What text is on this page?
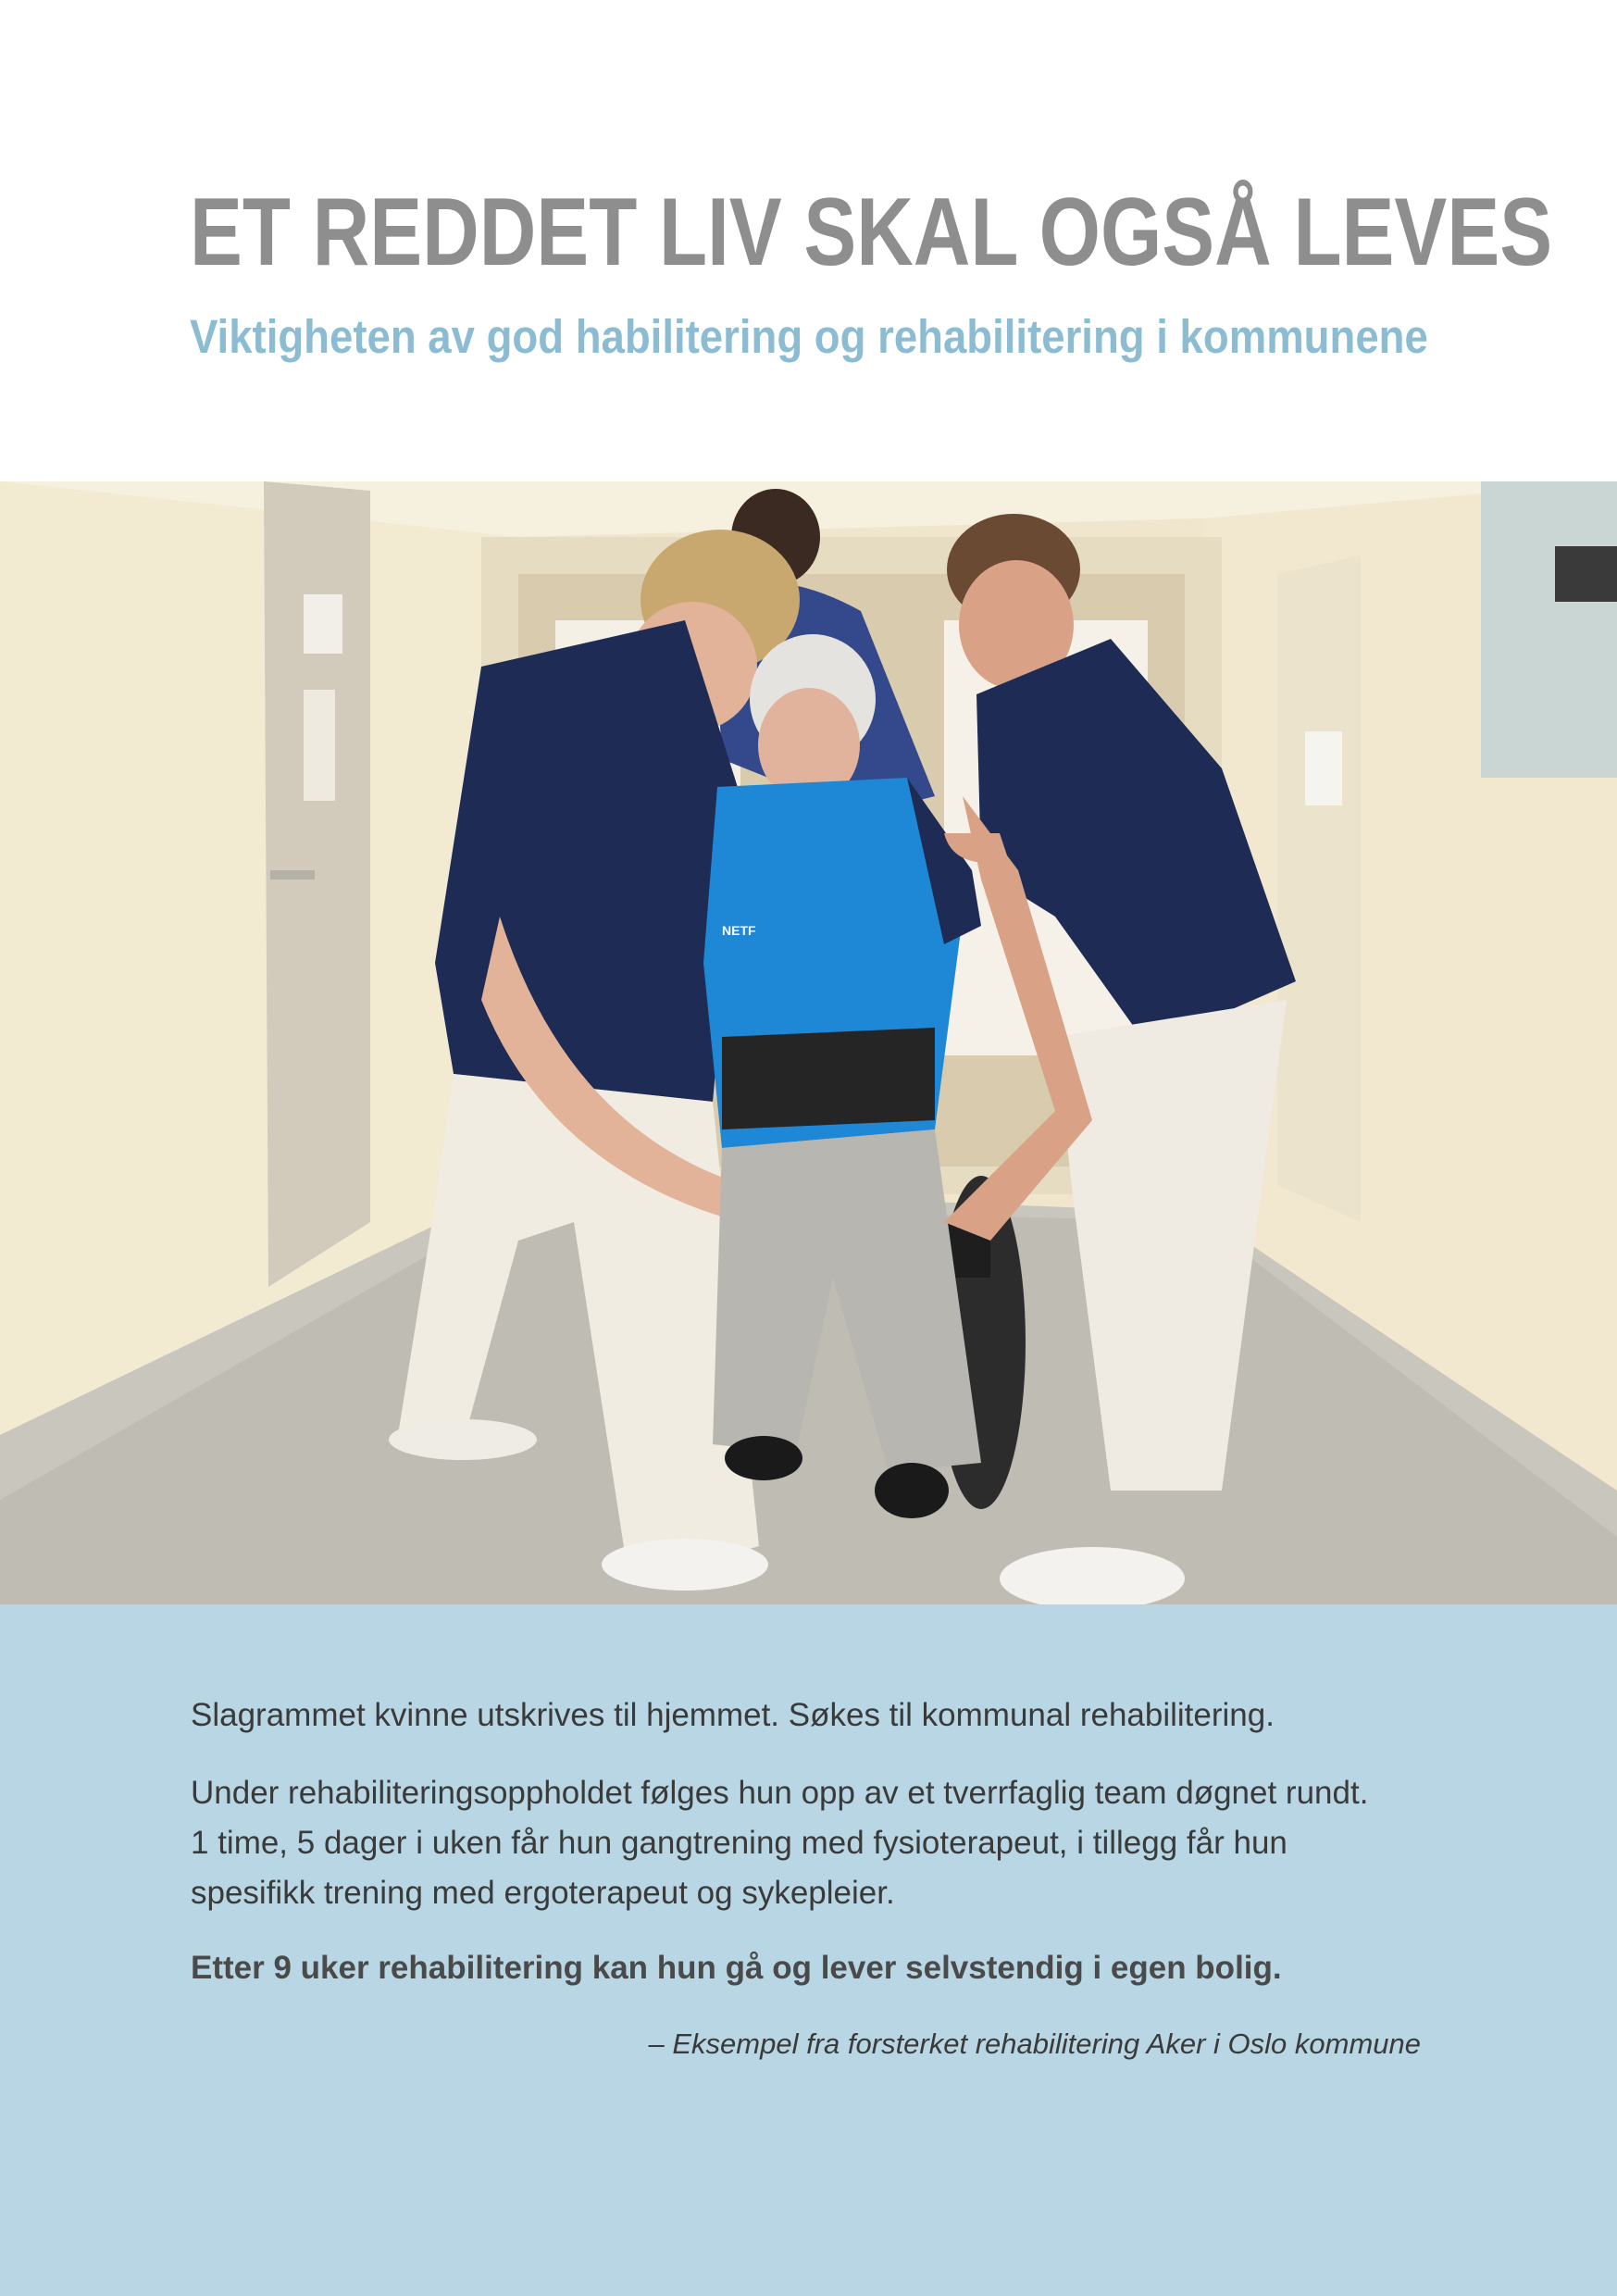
ET REDDET LIV SKAL OGSÅ LEVES
Viktigheten av god habilitering og rehabilitering i kommunene
NETF

Slagrammet kvinne utskrives til hjemmet. Søkes til kommunal rehabilitering.

Under rehabiliteringsoppholdet følges hun opp av et tverrfaglig team døgnet rundt.
1 time, 5 dager i uken får hun gangtrening med fysioterapeut, i tillegg får hun
spesifikk trening med ergoterapeut og sykepleier.

Etter 9 uker rehabilitering kan hun gå og lever selvstendig i egen bolig.

– Eksempel fra forsterket rehabilitering Aker i Oslo kommune
